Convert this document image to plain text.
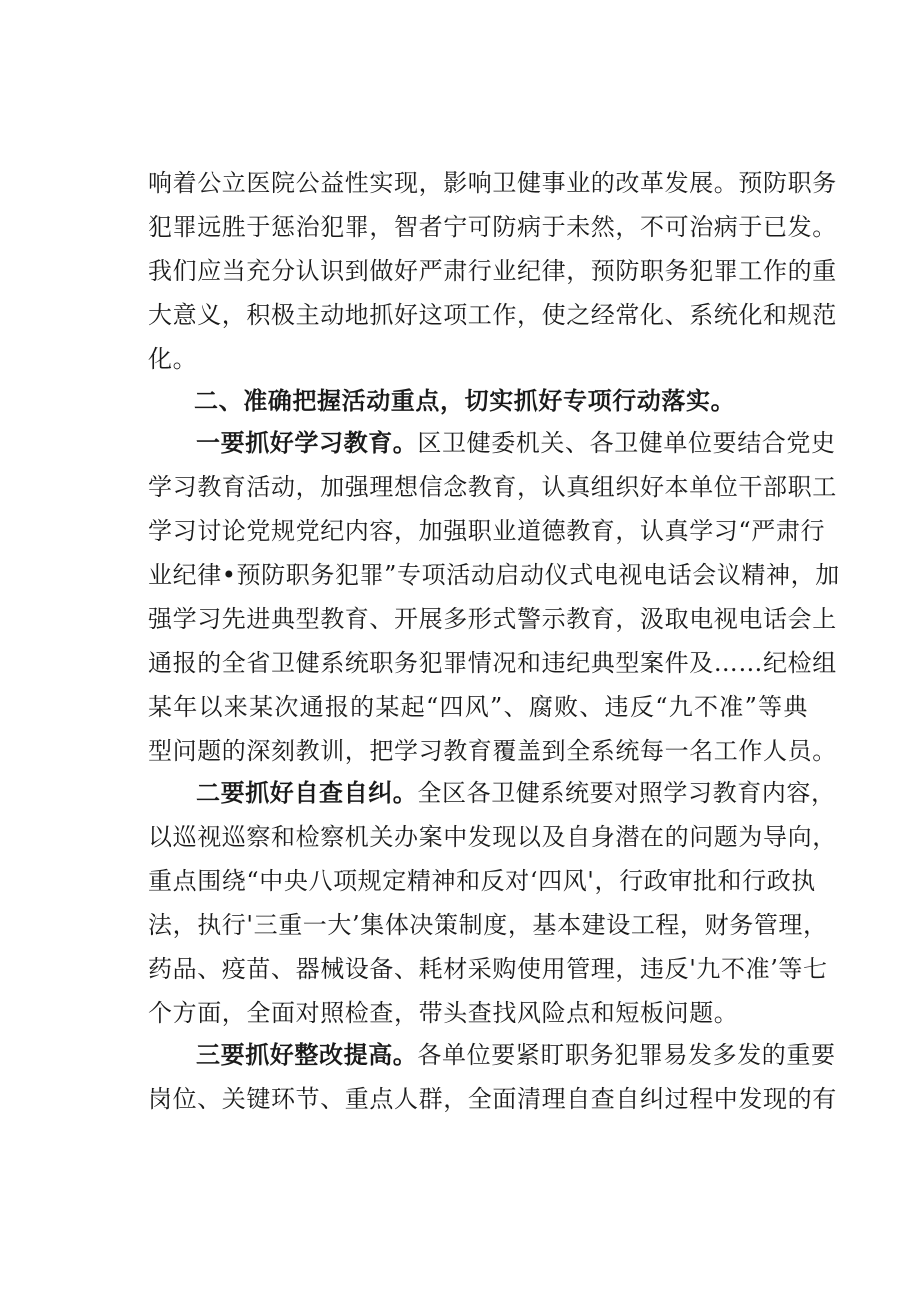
响着公立医院公益性实现，影响卫健事业的改革发展。预防职务
犯罪远胜于惩治犯罪，智者宁可防病于未然，不可治病于已发。
我们应当充分认识到做好严肃行业纪律，预防职务犯罪工作的重
大意义，积极主动地抓好这项工作，使之经常化、系统化和规范
化。
二、准确把握活动重点，切实抓好专项行动落实。
一要抓好学习教育。区卫健委机关、各卫健单位要结合党史
学习教育活动，加强理想信念教育，认真组织好本单位干部职工
学习讨论党规党纪内容，加强职业道德教育，认真学习“严肃行
业纪律•预防职务犯罪”专项活动启动仪式电视电话会议精神，加
强学习先进典型教育、开展多形式警示教育，汲取电视电话会上
通报的全省卫健系统职务犯罪情况和违纪典型案件及……纪检组
某年以来某次通报的某起“四风”、腐败、违反“九不准”等典
型问题的深刻教训，把学习教育覆盖到全系统每一名工作人员。
二要抓好自查自纠。全区各卫健系统要对照学习教育内容，
以巡视巡察和检察机关办案中发现以及自身潜在的问题为导向，
重点围绕“中央八项规定精神和反对‘四风'，行政审批和行政执
法，执行'三重一大’集体决策制度，基本建设工程，财务管理，
药品、疫苗、器械设备、耗材采购使用管理，违反'九不准’等七
个方面，全面对照检查，带头查找风险点和短板问题。
三要抓好整改提高。各单位要紧盯职务犯罪易发多发的重要
岗位、关键环节、重点人群，全面清理自查自纠过程中发现的有
